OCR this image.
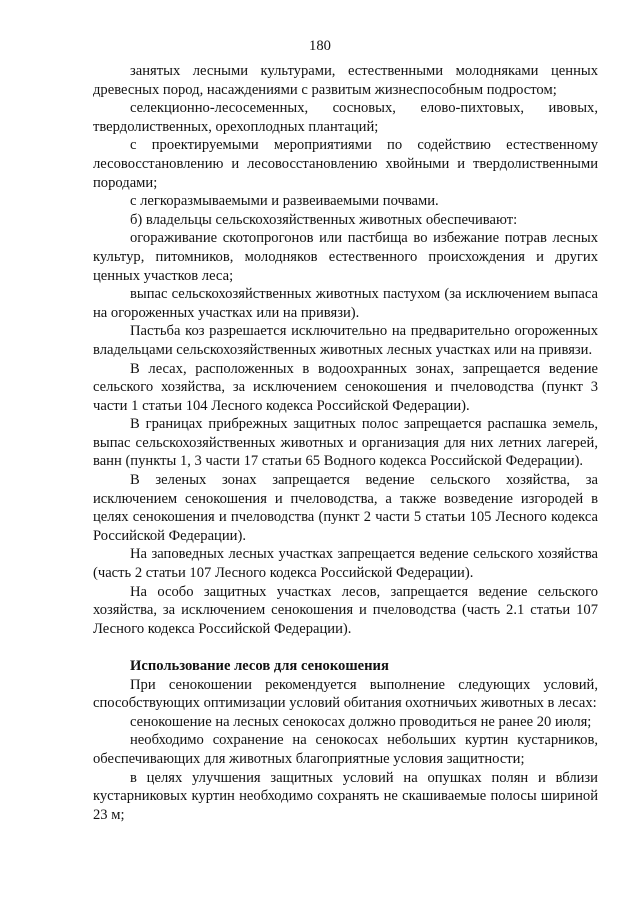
180

занятых лесными культурами, естественными молодняками ценных древесных пород, насаждениями с развитым жизнеспособным подростом;

селекционно-лесосеменных, сосновых, елово-пихтовых, ивовых, твердолиственных, орехоплодных плантаций;

с проектируемыми мероприятиями по содействию естественному лесовосстановлению и лесовосстановлению хвойными и твердолиственными породами;

с легкоразмываемыми и развеиваемыми почвами.

б) владельцы сельскохозяйственных животных обеспечивают:

огораживание скотопрогонов или пастбища во избежание потрав лесных культур, питомников, молодняков естественного происхождения и других ценных участков леса;

выпас сельскохозяйственных животных пастухом (за исключением выпаса на огороженных участках или на привязи).

Пастьба коз разрешается исключительно на предварительно огороженных владельцами сельскохозяйственных животных лесных участках или на привязи.

В лесах, расположенных в водоохранных зонах, запрещается ведение сельского хозяйства, за исключением сенокошения и пчеловодства (пункт 3 части 1 статьи 104 Лесного кодекса Российской Федерации).

В границах прибрежных защитных полос запрещается распашка земель, выпас сельскохозяйственных животных и организация для них летних лагерей, ванн (пункты 1, 3 части 17 статьи 65 Водного кодекса Российской Федерации).

В зеленых зонах запрещается ведение сельского хозяйства, за исключением сенокошения и пчеловодства, а также возведение изгородей в целях сенокошения и пчеловодства (пункт 2 части 5 статьи 105 Лесного кодекса Российской Федерации).

На заповедных лесных участках запрещается ведение сельского хозяйства (часть 2 статьи 107 Лесного кодекса Российской Федерации).

На особо защитных участках лесов, запрещается ведение сельского хозяйства, за исключением сенокошения и пчеловодства (часть 2.1 статьи 107 Лесного кодекса Российской Федерации).

Использование лесов для сенокошения

При сенокошении рекомендуется выполнение следующих условий, способствующих оптимизации условий обитания охотничьих животных в лесах:

сенокошение на лесных сенокосах должно проводиться не ранее 20 июля;

необходимо сохранение на сенокосах небольших куртин кустарников, обеспечивающих для животных благоприятные условия защитности;

в целях улучшения защитных условий на опушках полян и вблизи кустарниковых куртин необходимо сохранять не скашиваемые полосы шириной 23 м;
